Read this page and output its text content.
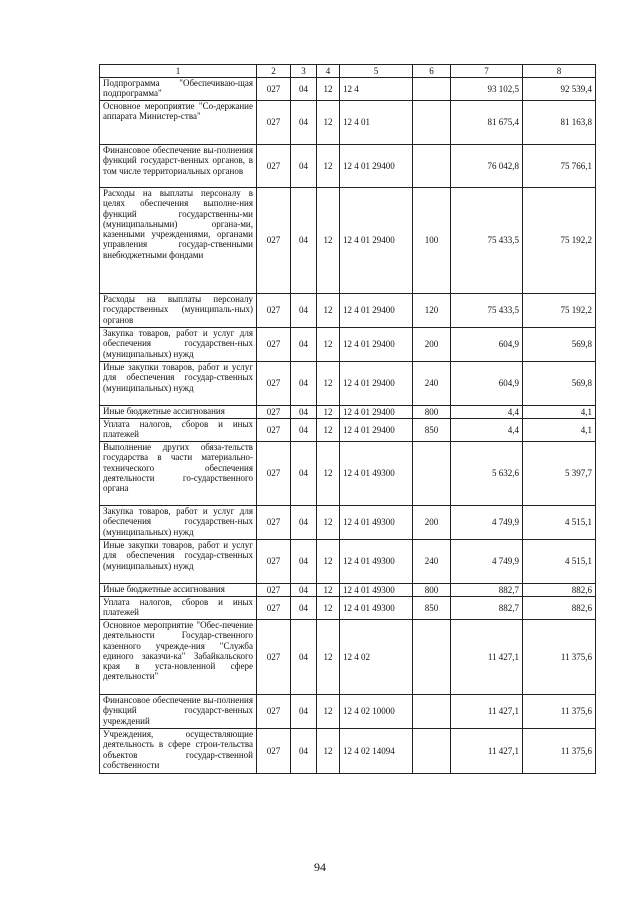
1	2	3	4	5	6	7	8
Подпрограмма "Обеспечиваю-щая подпрограмма"	027	04	12	12 4		93 102,5	92 539,4
Основное мероприятие "Со-держание аппарата Министер-ства"	027	04	12	12 4 01		81 675,4	81 163,8
Финансовое обеспечение вы-полнения функций государст-венных органов, в том числе территориальных органов	027	04	12	12 4 01 29400		76 042,8	75 766,1
Расходы на выплаты персоналу в целях обеспечения выполне-ния функций государственны-ми (муниципальными) органа-ми, казенными учреждениями, органами управления государ-ственными внебюджетными фондами	027	04	12	12 4 01 29400	100	75 433,5	75 192,2
Расходы на выплаты персоналу государственных (муниципаль-ных) органов	027	04	12	12 4 01 29400	120	75 433,5	75 192,2
Закупка товаров, работ и услуг для обеспечения государствен-ных (муниципальных) нужд	027	04	12	12 4 01 29400	200	604,9	569,8
Иные закупки товаров, работ и услуг для обеспечения государ-ственных (муниципальных) нужд	027	04	12	12 4 01 29400	240	604,9	569,8
Иные бюджетные ассигнования	027	04	12	12 4 01 29400	800	4,4	4,1
Уплата налогов, сборов и иных платежей	027	04	12	12 4 01 29400	850	4,4	4,1
Выполнение других обяза-тельств государства в части материально-технического обеспечения деятельности го-сударственного органа	027	04	12	12 4 01 49300		5 632,6	5 397,7
Закупка товаров, работ и услуг для обеспечения государствен-ных (муниципальных) нужд	027	04	12	12 4 01 49300	200	4 749,9	4 515,1
Иные закупки товаров, работ и услуг для обеспечения государ-ственных (муниципальных) нужд	027	04	12	12 4 01 49300	240	4 749,9	4 515,1
Иные бюджетные ассигнования	027	04	12	12 4 01 49300	800	882,7	882,6
Уплата налогов, сборов и иных платежей	027	04	12	12 4 01 49300	850	882,7	882,6
Основное мероприятие "Обес-печение деятельности Государ-ственного казенного учрежде-ния "Служба единого заказчи-ка" Забайкальского края в уста-новленной сфере деятельности"	027	04	12	12 4 02		11 427,1	11 375,6
Финансовое обеспечение вы-полнения функций государст-венных учреждений	027	04	12	12 4 02 10000		11 427,1	11 375,6
Учреждения, осуществляющие деятельность в сфере строи-тельства объектов государ-ственной собственности	027	04	12	12 4 02 14094		11 427,1	11 375,6
94
